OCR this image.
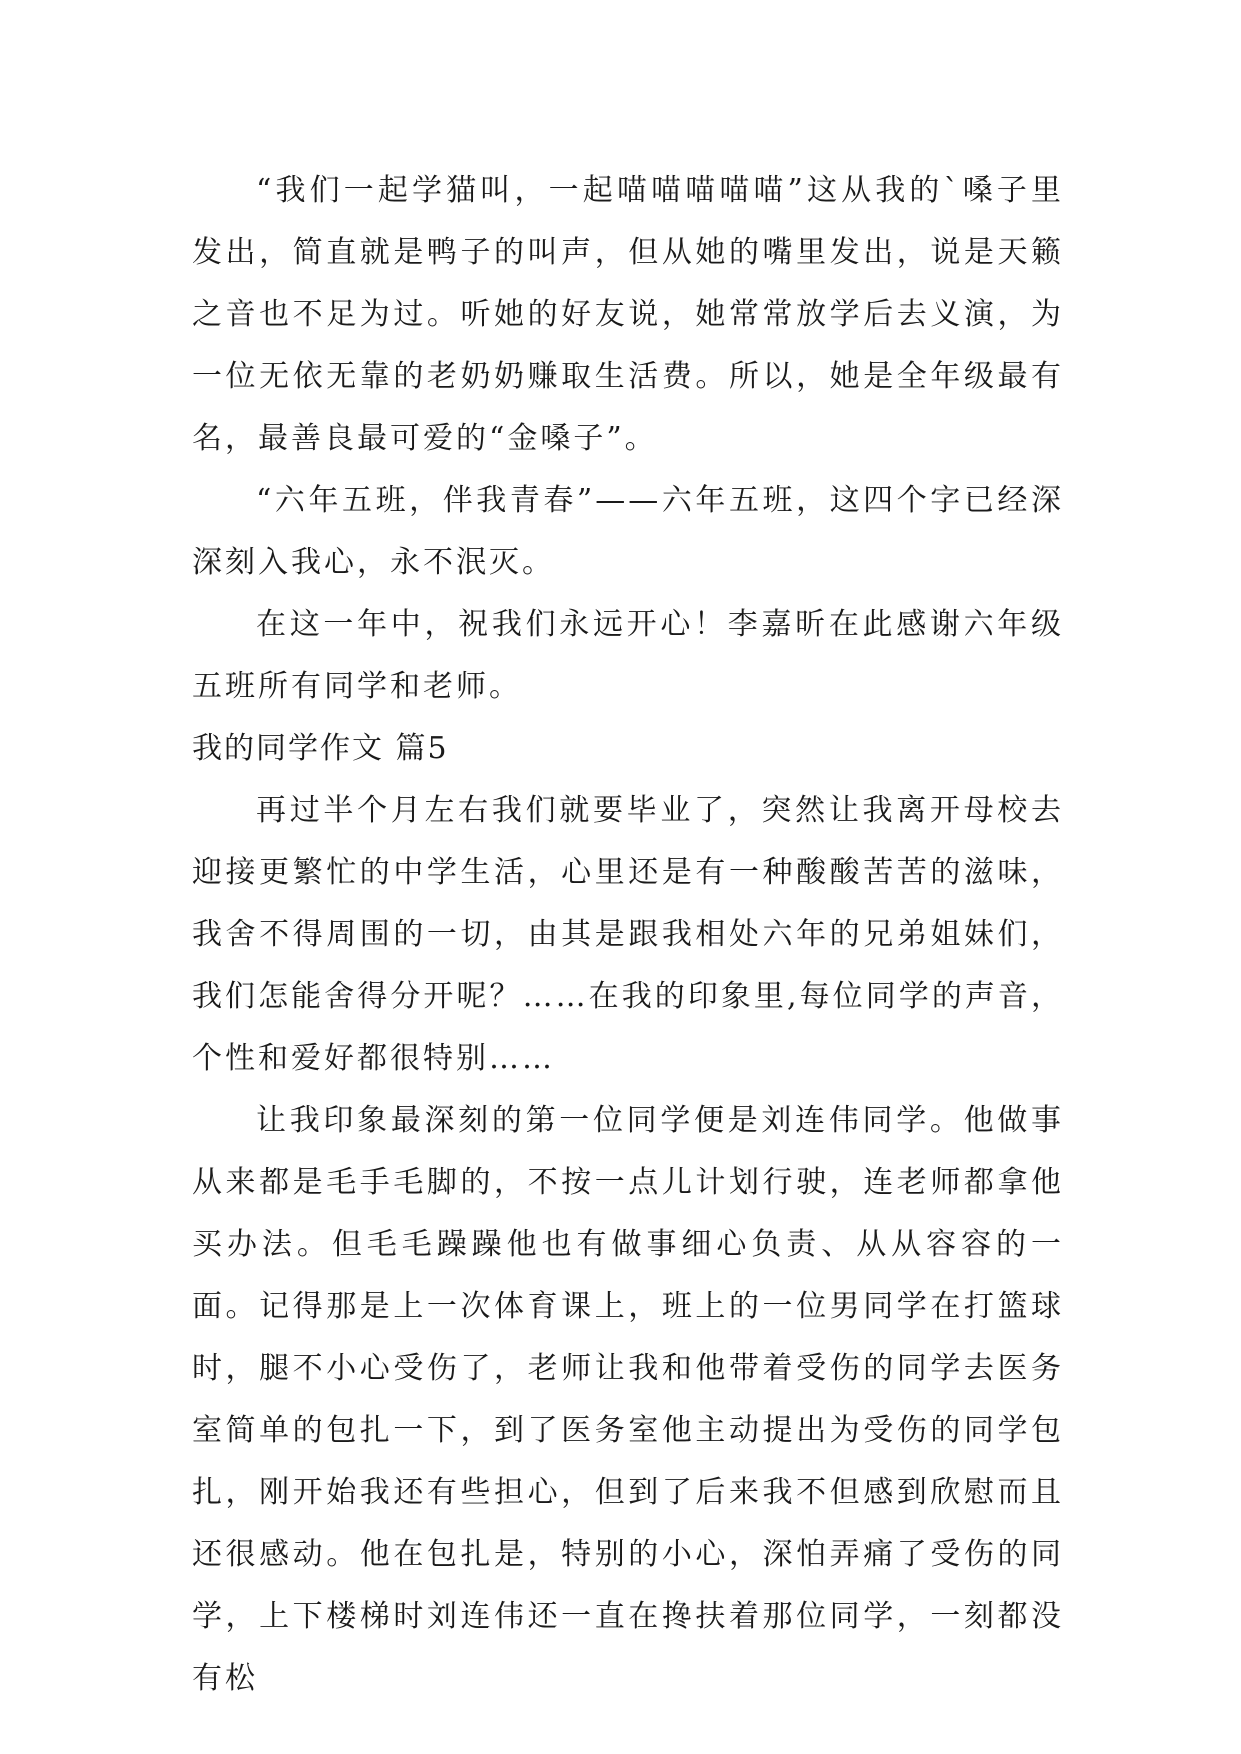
“我们一起学猫叫，一起喵喵喵喵喵”这从我的`嗓子里发出，简直就是鸭子的叫声，但从她的嘴里发出，说是天籁之音也不足为过。听她的好友说，她常常放学后去义演，为一位无依无靠的老奶奶赚取生活费。所以，她是全年级最有名，最善良最可爱的“金嗓子”。

“六年五班，伴我青春”——六年五班，这四个字已经深深刻入我心，永不泯灭。

在这一年中，祝我们永远开心！李嘉昕在此感谢六年级五班所有同学和老师。

我的同学作文 篇5

再过半个月左右我们就要毕业了，突然让我离开母校去迎接更繁忙的中学生活，心里还是有一种酸酸苦苦的滋味，我舍不得周围的一切，由其是跟我相处六年的兄弟姐妹们，我们怎能舍得分开呢？……在我的印象里,每位同学的声音，个性和爱好都很特别……

让我印象最深刻的第一位同学便是刘连伟同学。他做事从来都是毛手毛脚的，不按一点儿计划行驶，连老师都拿他买办法。但毛毛躁躁他也有做事细心负责、从从容容的一面。记得那是上一次体育课上，班上的一位男同学在打篮球时，腿不小心受伤了，老师让我和他带着受伤的同学去医务室简单的包扎一下，到了医务室他主动提出为受伤的同学包扎，刚开始我还有些担心，但到了后来我不但感到欣慰而且还很感动。他在包扎是，特别的小心，深怕弄痛了受伤的同学，上下楼梯时刘连伟还一直在搀扶着那位同学，一刻都没有松
